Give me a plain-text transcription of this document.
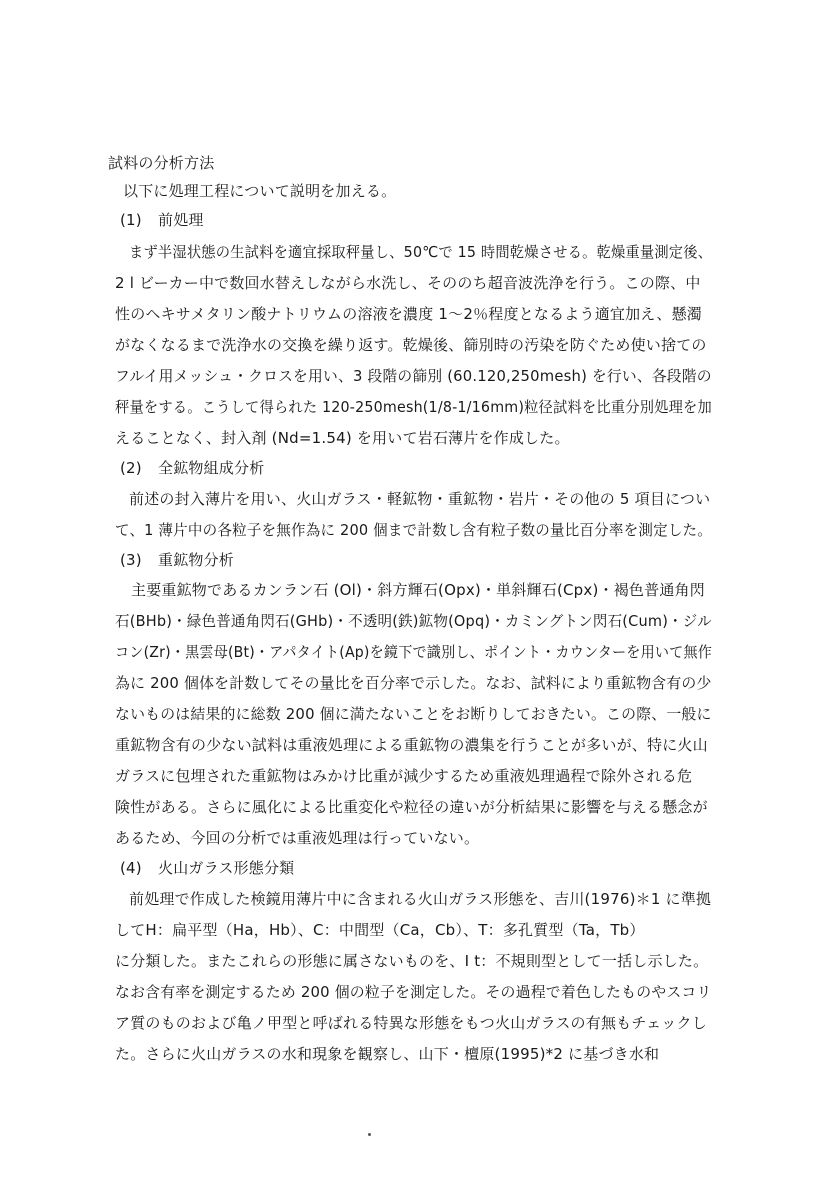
試料の分析方法
以下に処理工程について説明を加える。
(1) 前処理
まず半湿状態の生試料を適宜採取秤量し、50℃で 15 時間乾燥させる。乾燥重量測定後、
2 l ビーカー中で数回水替えしながら水洗し、そののち超音波洗浄を行う。この際、中
性のヘキサメタリン酸ナトリウムの溶液を濃度 1～2％程度となるよう適宜加え、懸濁
がなくなるまで洗浄水の交換を繰り返す。乾燥後、篩別時の汚染を防ぐため使い捨ての
フルイ用メッシュ・クロスを用い、3 段階の篩別 (60.120,250mesh) を行い、各段階の
秤量をする。こうして得られた 120-250mesh(1/8-1/16mm)粒径試料を比重分別処理を加
えることなく、封入剤 (Nd=1.54) を用いて岩石薄片を作成した。
(2) 全鉱物組成分析
前述の封入薄片を用い、火山ガラス・軽鉱物・重鉱物・岩片・その他の 5 項目につい
て、1 薄片中の各粒子を無作為に 200 個まで計数し含有粒子数の量比百分率を測定した。
(3) 重鉱物分析
主要重鉱物であるカンラン石 (Ol)・斜方輝石(Opx)・単斜輝石(Cpx)・褐色普通角閃
石(BHb)・緑色普通角閃石(GHb)・不透明(鉄)鉱物(Opq)・カミングトン閃石(Cum)・ジル
コン(Zr)・黒雲母(Bt)・アパタイト(Ap)を鏡下で識別し、ポイント・カウンターを用いて無作
為に 200 個体を計数してその量比を百分率で示した。なお、試料により重鉱物含有の少
ないものは結果的に総数 200 個に満たないことをお断りしておきたい。この際、一般に
重鉱物含有の少ない試料は重液処理による重鉱物の濃集を行うことが多いが、特に火山
ガラスに包埋された重鉱物はみかけ比重が減少するため重液処理過程で除外される危
険性がある。さらに風化による比重変化や粒径の違いが分析結果に影響を与える懸念が
あるため、今回の分析では重液処理は行っていない。
(4) 火山ガラス形態分類
前処理で作成した検鏡用薄片中に含まれる火山ガラス形態を、吉川(1976)＊1 に準拠
してH：扁平型（Ha，Hb）、C：中間型（Ca，Cb）、T：多孔質型（Ta，Tb）
に分類した。またこれらの形態に属さないものを、I t：不規則型として一括し示した。
なお含有率を測定するため 200 個の粒子を測定した。その過程で着色したものやスコリ
ア質のものおよび亀ノ甲型と呼ばれる特異な形態をもつ火山ガラスの有無もチェックし
た。さらに火山ガラスの水和現象を観察し、山下・檀原(1995)*2 に基づき水和
